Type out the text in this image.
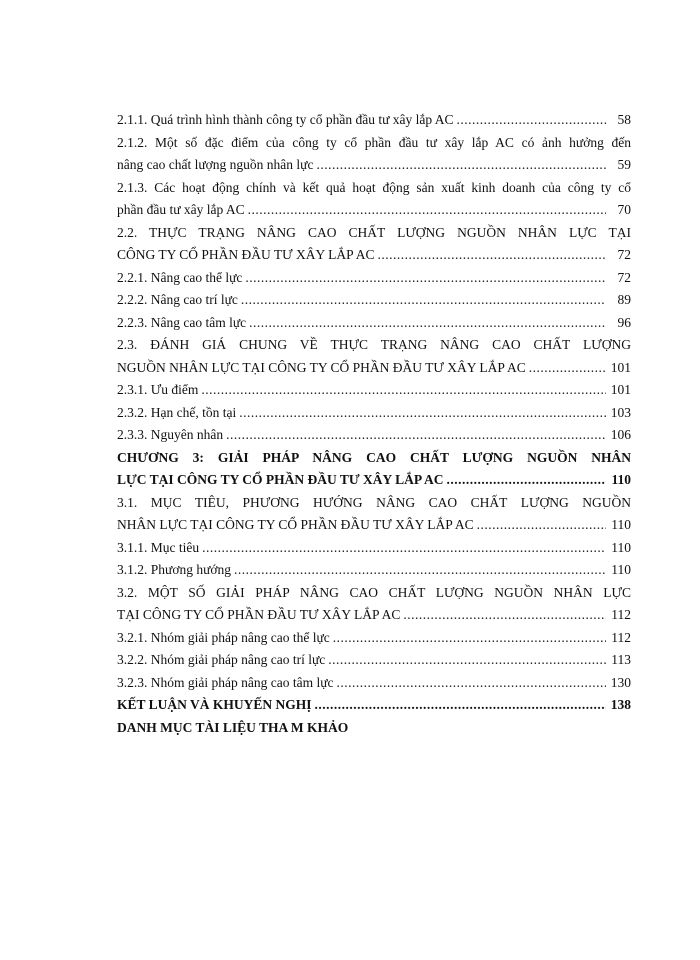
2.1.1. Quá trình hình thành công ty cổ phần đầu tư xây lắp AC .....	58
2.1.2. Một số đặc điểm của công ty cổ phần đầu tư xây lắp AC có ảnh hưởng đến
nâng cao chất lượng nguồn nhân lực .....	59
2.1.3. Các hoạt động chính và kết quả hoạt động sản xuất kinh doanh của công ty cổ
phần đầu tư xây lắp AC .....	70
2.2. THỰC TRẠNG NÂNG CAO CHẤT LƯỢNG NGUỒN NHÂN LỰC TẠI
CÔNG TY CỔ PHẦN ĐẦU TƯ XÂY LẮP AC .....	72
2.2.1. Nâng cao thể lực .....	72
2.2.2. Nâng cao trí lực .....	89
2.2.3. Nâng cao tâm lực .....	96
2.3. ĐÁNH GIÁ CHUNG VỀ THỰC TRẠNG NÂNG CAO CHẤT LƯỢNG
NGUỒN NHÂN LỰC TẠI CÔNG TY CỔ PHẦN ĐẦU TƯ XÂY LẮP AC .....	101
2.3.1. Ưu điểm .....	101
2.3.2. Hạn chế, tồn tại .....	103
2.3.3. Nguyên nhân .....	106
CHƯƠNG 3: GIẢI PHÁP NÂNG CAO CHẤT LƯỢNG NGUỒN NHÂN
LỰC TẠI CÔNG TY CỔ PHẦN ĐẦU TƯ XÂY LẮP AC .....	110
3.1. MỤC TIÊU, PHƯƠNG HƯỚNG NÂNG CAO CHẤT LƯỢNG NGUỒN
NHÂN LỰC TẠI CÔNG TY CỔ PHẦN ĐẦU TƯ XÂY LẮP AC .....	110
3.1.1. Mục tiêu .....	110
3.1.2. Phương hướng .....	110
3.2. MỘT SỐ GIẢI PHÁP NÂNG CAO CHẤT LƯỢNG NGUỒN NHÂN LỰC
TẠI CÔNG TY CỔ PHẦN ĐẦU TƯ XÂY LẮP AC .....	112
3.2.1. Nhóm giải pháp nâng cao thể lực .....	112
3.2.2. Nhóm giải pháp nâng cao trí lực .....	113
3.2.3. Nhóm giải pháp nâng cao tâm lực .....	130
KẾT LUẬN VÀ KHUYẾN NGHỊ .....	138
DANH MỤC TÀI LIỆU THA M KHẢO
